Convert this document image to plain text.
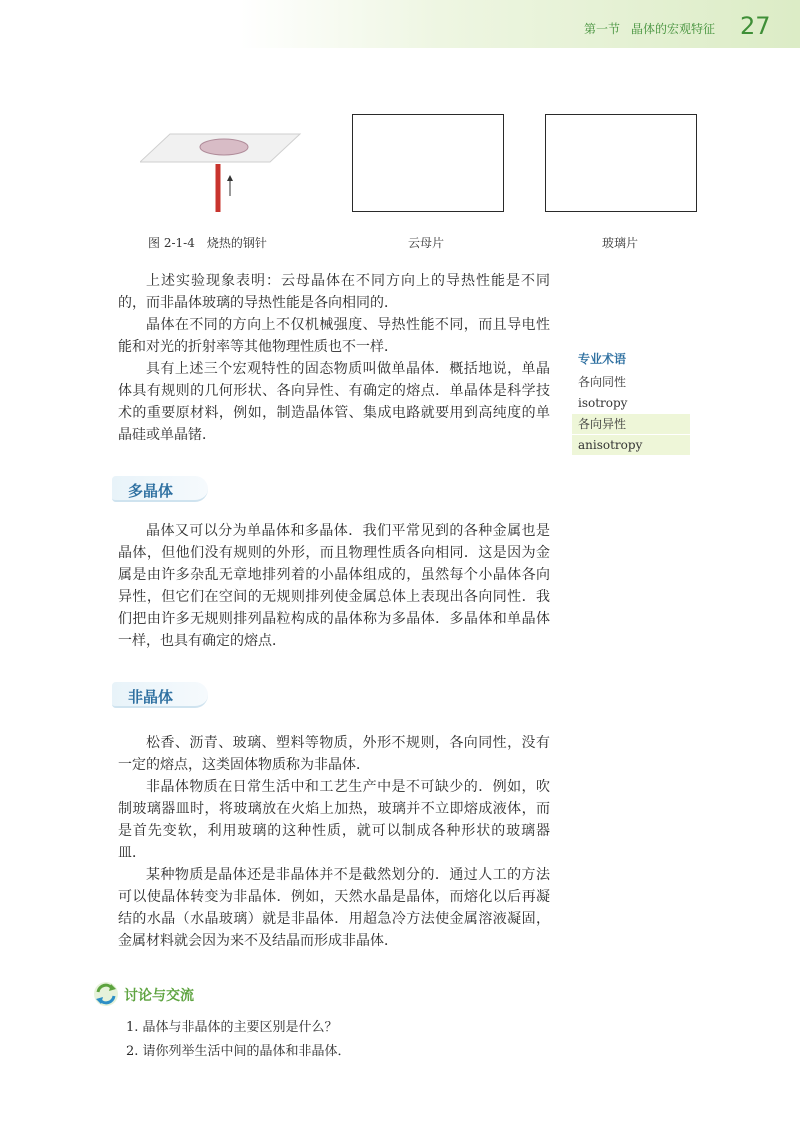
第一节 晶体的宏观特征 27
图 2-1-4　烧热的钢针	云母片	玻璃片

上述实验现象表明：云母晶体在不同方向上的导热性能是不同的，而非晶体玻璃的导热性能是各向相同的．

晶体在不同的方向上不仅机械强度、导热性能不同，而且导电性能和对光的折射率等其他物理性质也不一样．

具有上述三个宏观特性的固态物质叫做单晶体．概括地说，单晶体具有规则的几何形状、各向异性、有确定的熔点．单晶体是科学技术的重要原材料，例如，制造晶体管、集成电路就要用到高纯度的单晶硅或单晶锗．

专业术语
各向同性
isotropy
各向异性
anisotropy
多晶体

晶体又可以分为单晶体和多晶体．我们平常见到的各种金属也是晶体，但他们没有规则的外形，而且物理性质各向相同．这是因为金属是由许多杂乱无章地排列着的小晶体组成的，虽然每个小晶体各向异性，但它们在空间的无规则排列使金属总体上表现出各向同性．我们把由许多无规则排列晶粒构成的晶体称为多晶体．多晶体和单晶体一样，也具有确定的熔点．

非晶体

松香、沥青、玻璃、塑料等物质，外形不规则，各向同性，没有一定的熔点，这类固体物质称为非晶体．

非晶体物质在日常生活中和工艺生产中是不可缺少的．例如，吹制玻璃器皿时，将玻璃放在火焰上加热，玻璃并不立即熔成液体，而是首先变软，利用玻璃的这种性质，就可以制成各种形状的玻璃器皿．

某种物质是晶体还是非晶体并不是截然划分的．通过人工的方法可以使晶体转变为非晶体．例如，天然水晶是晶体，而熔化以后再凝结的水晶（水晶玻璃）就是非晶体．用超急冷方法使金属溶液凝固，金属材料就会因为来不及结晶而形成非晶体．

讨论与交流
1. 晶体与非晶体的主要区别是什么？
2. 请你列举生活中间的晶体和非晶体．
